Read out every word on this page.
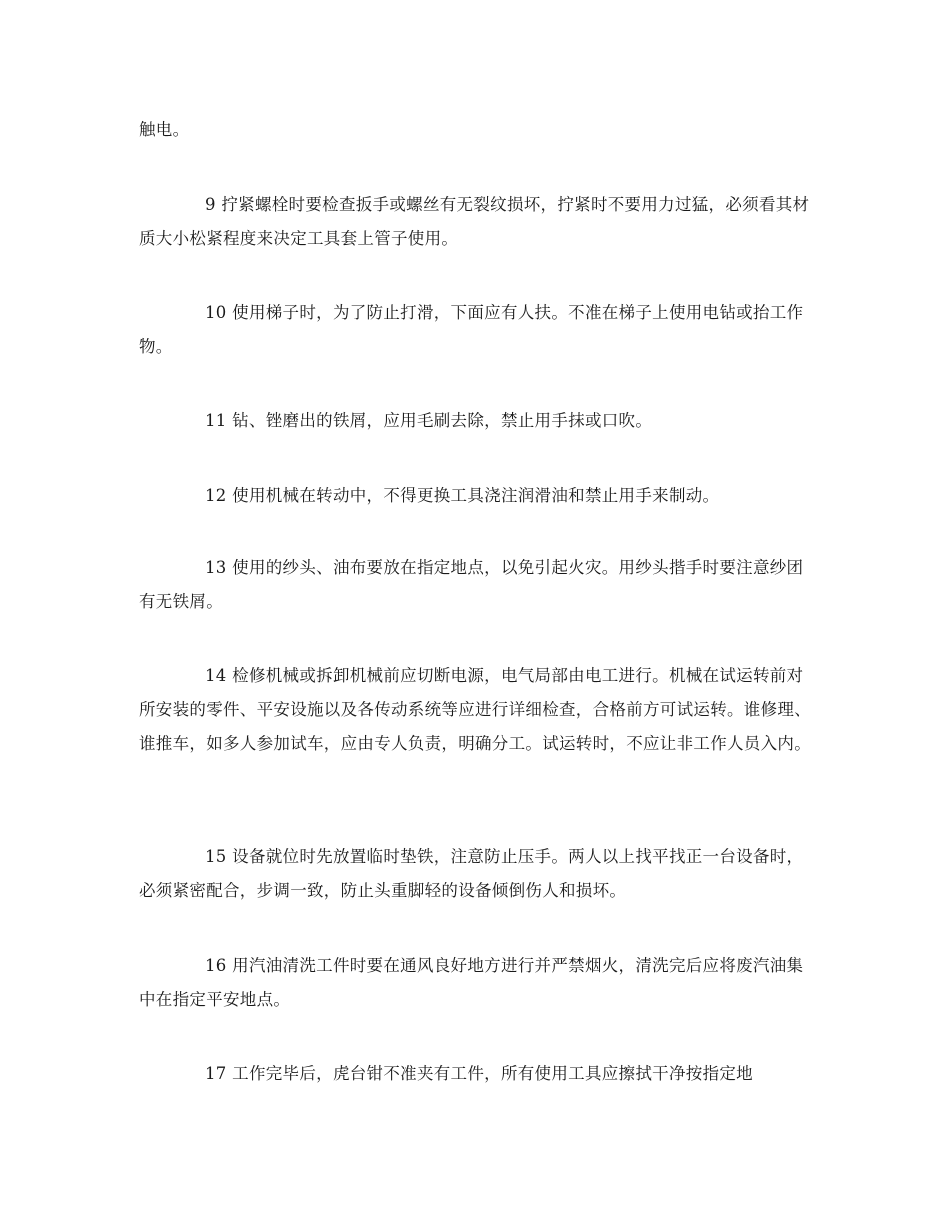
触电。

9 拧紧螺栓时要检查扳手或螺丝有无裂纹损坏，拧紧时不要用力过猛，必须看其材质大小松紧程度来决定工具套上管子使用。

10 使用梯子时，为了防止打滑，下面应有人扶。不准在梯子上使用电钻或抬工作物。

11 钻、锉磨出的铁屑，应用毛刷去除，禁止用手抹或口吹。

12 使用机械在转动中，不得更换工具浇注润滑油和禁止用手来制动。

13 使用的纱头、油布要放在指定地点，以免引起火灾。用纱头揩手时要注意纱团有无铁屑。

14 检修机械或拆卸机械前应切断电源，电气局部由电工进行。机械在试运转前对所安装的零件、平安设施以及各传动系统等应进行详细检查，合格前方可试运转。谁修理、谁推车，如多人参加试车，应由专人负责，明确分工。试运转时，不应让非工作人员入内。

15 设备就位时先放置临时垫铁，注意防止压手。两人以上找平找正一台设备时，必须紧密配合，步调一致，防止头重脚轻的设备倾倒伤人和损坏。

16 用汽油清洗工件时要在通风良好地方进行并严禁烟火，清洗完后应将废汽油集中在指定平安地点。

17 工作完毕后，虎台钳不准夹有工件，所有使用工具应擦拭干净按指定地
